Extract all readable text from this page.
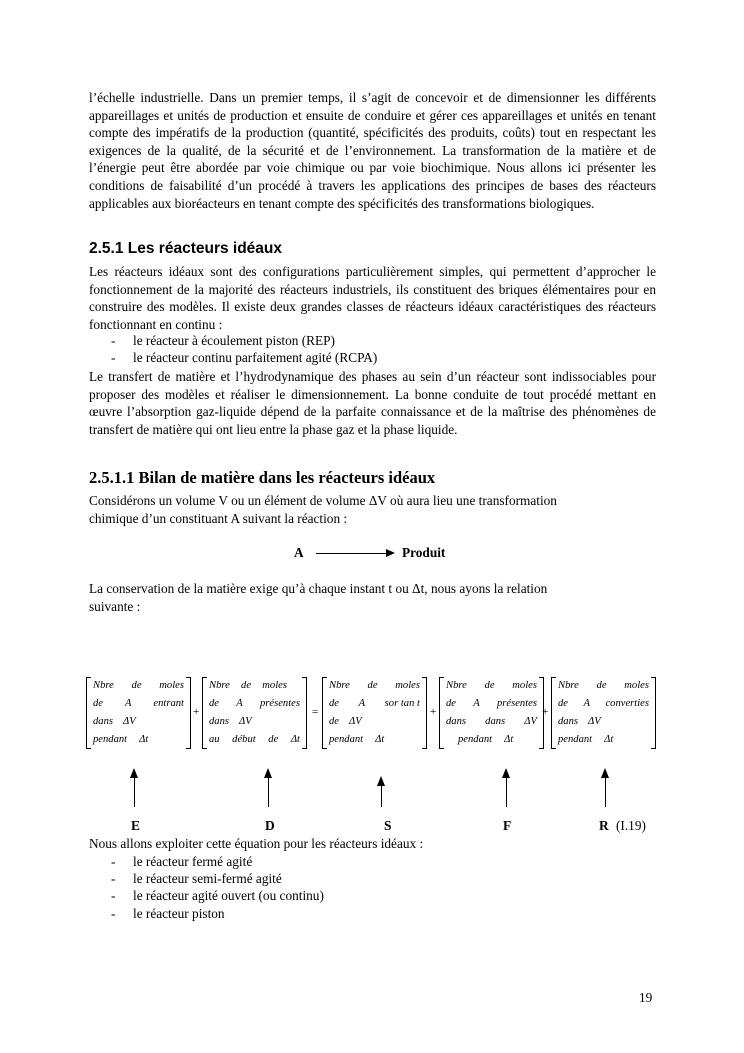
l’échelle industrielle. Dans un premier temps, il s’agit de concevoir et de dimensionner les différents appareillages et unités de production et ensuite de conduire et gérer ces appareillages et unités en tenant compte des impératifs de la production (quantité, spécificités des produits, coûts) tout en respectant les exigences de la qualité, de la sécurité et de l’environnement. La transformation de la matière et de l’énergie peut être abordée par voie chimique ou par voie biochimique. Nous allons ici présenter les conditions de faisabilité d’un procédé à travers les applications des principes de bases des réacteurs applicables aux bioréacteurs en tenant compte des spécificités des transformations biologiques.

2.5.1 Les réacteurs idéaux

Les réacteurs idéaux sont des configurations particulièrement simples, qui permettent d’approcher le fonctionnement de la majorité des réacteurs industriels, ils constituent des briques élémentaires pour en construire des modèles. Il existe deux grandes classes de réacteurs idéaux caractéristiques des réacteurs fonctionnant en continu :

- le réacteur à écoulement piston (REP)
- le réacteur continu parfaitement agité (RCPA)

Le transfert de matière et l’hydrodynamique des phases au sein d’un réacteur sont indissociables pour proposer des modèles et réaliser le dimensionnement. La bonne conduite de tout procédé mettant en œuvre l’absorption gaz-liquide dépend de la parfaite connaissance et de la maîtrise des phénomènes de transfert de matière qui ont lieu entre la phase gaz et la phase liquide.

2.5.1.1 Bilan de matière dans les réacteurs idéaux

Considérons un volume V ou un élément de volume ΔV où aura lieu une transformation

chimique d’un constituant A suivant la réaction :

A	Produit

La conservation de la matière exige qu’à chaque instant t ou Δt, nous ayons la relation

suivante :

Nbre de moles
de A entrant
dans ΔV
pendant Δt
+
Nbre de moles
de A présentes
dans ΔV
au début de Δt
=
Nbre de moles
de A sor tan t
de ΔV
pendant Δt
+
Nbre de moles
de A présentes
dans dans ΔV
pendant Δt
+
Nbre de moles
de A converties
dans ΔV
pendant Δt
E	D	S	F	R (I.19)

Nous allons exploiter cette équation pour les réacteurs idéaux :

- le réacteur fermé agité
- le réacteur semi-fermé agité
- le réacteur agité ouvert (ou continu)
- le réacteur piston
19
